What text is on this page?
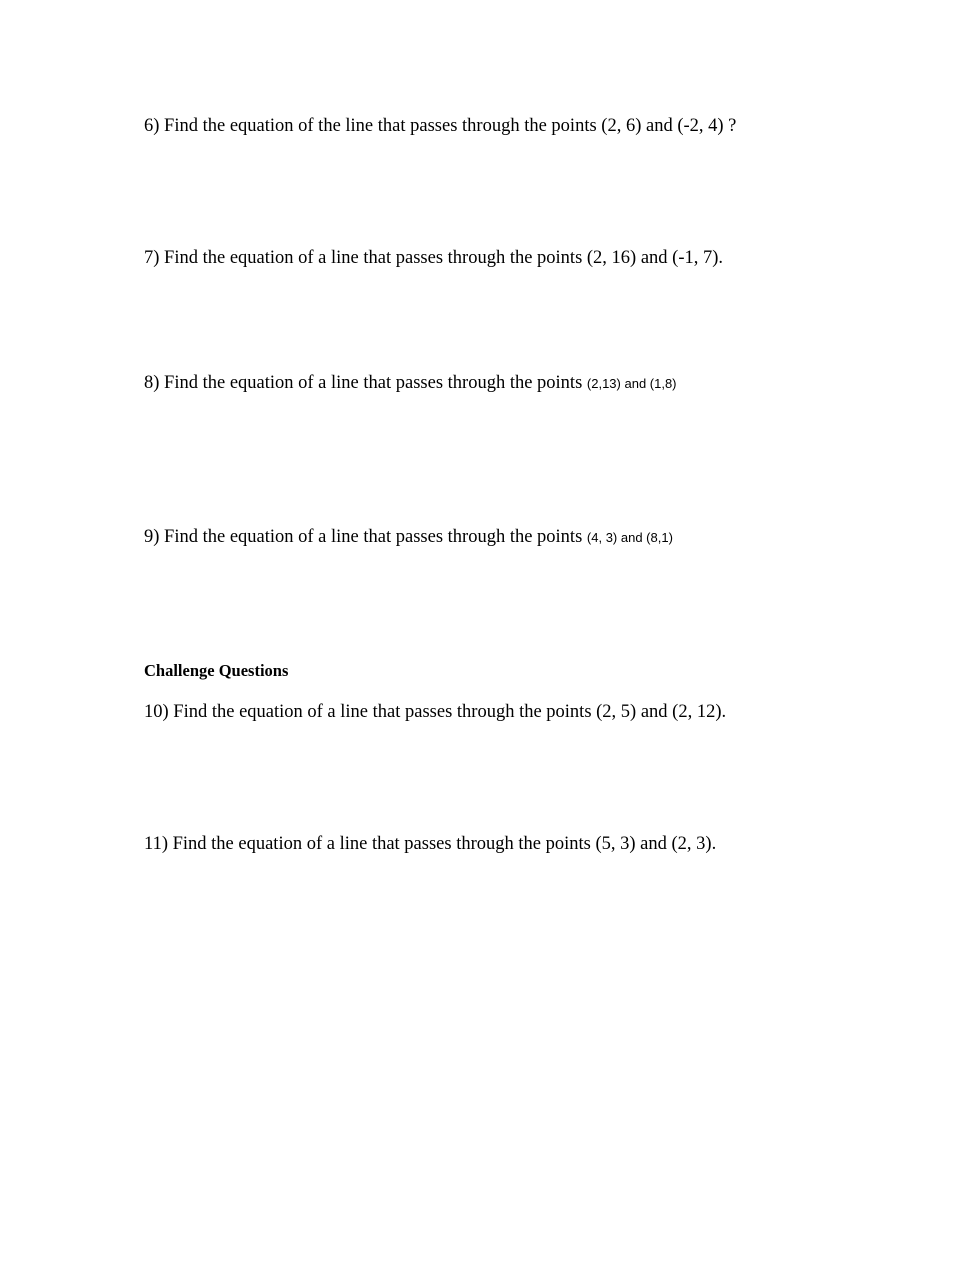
6) Find the equation of the line that passes through the points (2, 6) and (-2, 4) ?

7) Find the equation of a line that passes through the points (2, 16) and (-1, 7).

8) Find the equation of a line that passes through the points (2,13) and (1,8)

9) Find the equation of a line that passes through the points (4, 3) and (8,1)

Challenge Questions

10) Find the equation of a line that passes through the points (2, 5) and (2, 12).

11) Find the equation of a line that passes through the points (5, 3) and (2, 3).
